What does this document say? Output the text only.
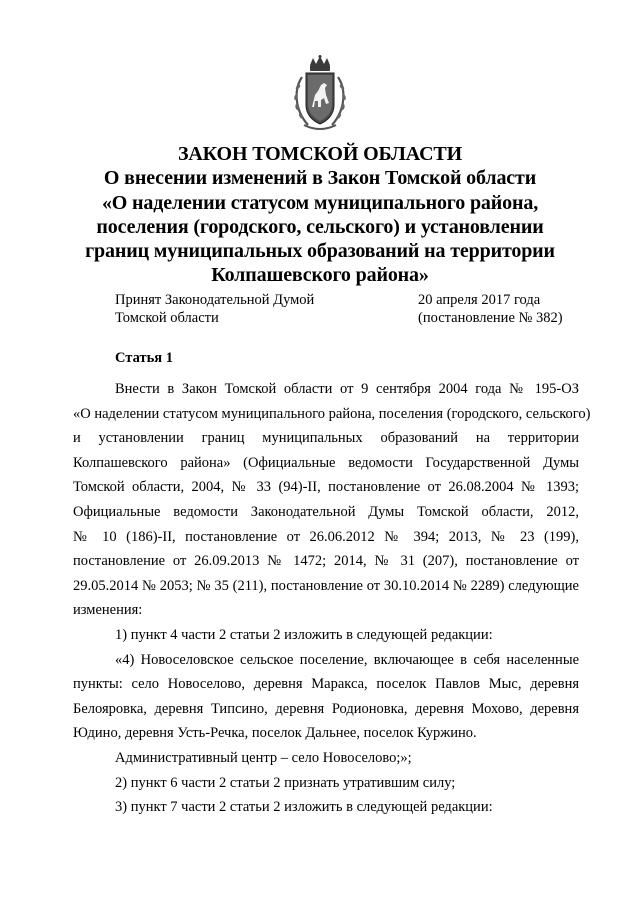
ЗАКОН ТОМСКОЙ ОБЛАСТИ
О внесении изменений в Закон Томской области
«О наделении статусом муниципального района,
поселения (городского, сельского) и установлении
границ муниципальных образований на территории
Колпашевского района»
Принят Законодательной Думой
Томской области
20 апреля 2017 года
(постановление № 382)
Статья 1
Внести в Закон Томской области от 9 сентября 2004 года № 195-ОЗ
«О наделении статусом муниципального района, поселения (городского, сельского)
и установлении границ муниципальных образований на территории
Колпашевского района» (Официальные ведомости Государственной Думы
Томской области, 2004, № 33 (94)-II, постановление от 26.08.2004 № 1393;
Официальные ведомости Законодательной Думы Томской области, 2012,
№ 10 (186)-II, постановление от 26.06.2012 № 394; 2013, № 23 (199),
постановление от 26.09.2013 № 1472; 2014, № 31 (207), постановление от
29.05.2014 № 2053; № 35 (211), постановление от 30.10.2014 № 2289) следующие
изменения:
1) пункт 4 части 2 статьи 2 изложить в следующей редакции:
«4) Новоселовское сельское поселение, включающее в себя населенные
пункты: село Новоселово, деревня Маракса, поселок Павлов Мыс, деревня
Белояровка, деревня Типсино, деревня Родионовка, деревня Мохово, деревня
Юдино, деревня Усть-Речка, поселок Дальнее, поселок Куржино.
Административный центр – село Новоселово;»;
2) пункт 6 части 2 статьи 2 признать утратившим силу;
3) пункт 7 части 2 статьи 2 изложить в следующей редакции:
